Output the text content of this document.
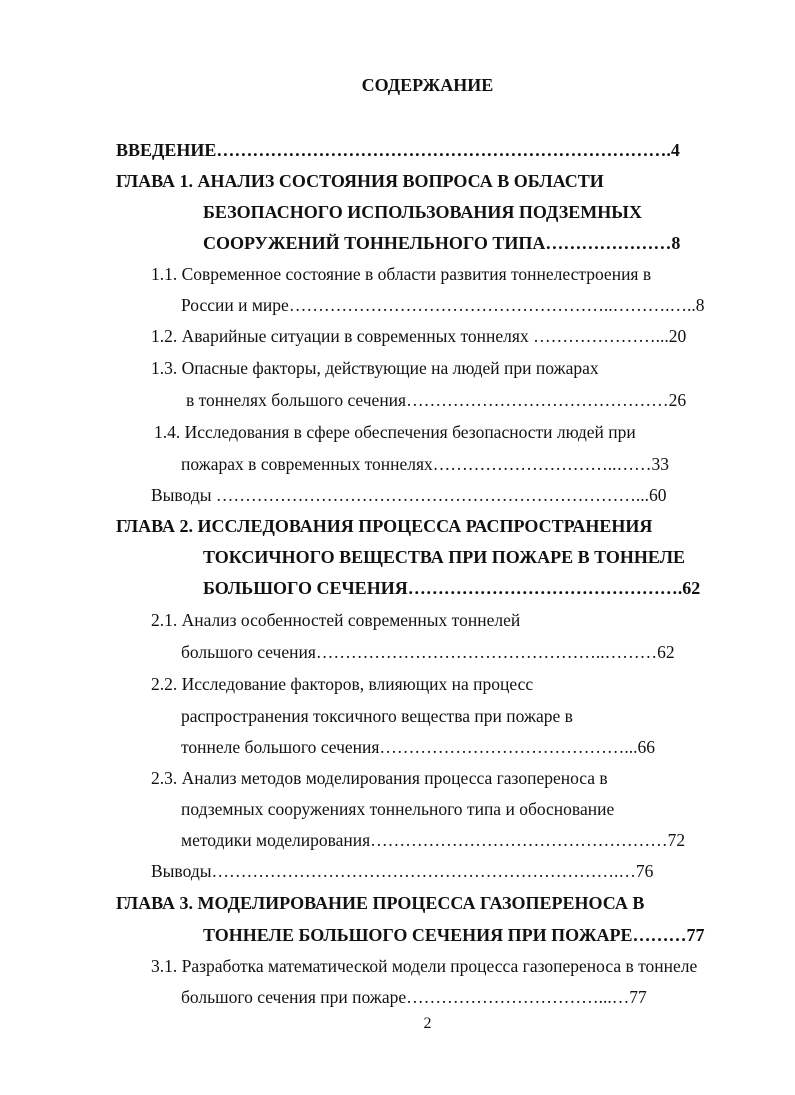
СОДЕРЖАНИЕ
ВВЕДЕНИЕ………………………………………………………………….4
ГЛАВА 1. АНАЛИЗ СОСТОЯНИЯ ВОПРОСА В ОБЛАСТИ
БЕЗОПАСНОГО ИСПОЛЬЗОВАНИЯ ПОДЗЕМНЫХ
СООРУЖЕНИЙ ТОННЕЛЬНОГО ТИПА…………………8
1.1. Современное состояние в области развития тоннелестроения в
России и мире………………………………………………..……….…..8
1.2. Аварийные ситуации в современных тоннелях …………………...20
1.3. Опасные факторы, действующие на людей при пожарах
в тоннелях большого сечения………………………………………26
1.4. Исследования в сфере обеспечения безопасности людей при
пожарах в современных тоннелях…………………………..……33
Выводы ………………………………………………………………...60
ГЛАВА 2. ИССЛЕДОВАНИЯ ПРОЦЕССА РАСПРОСТРАНЕНИЯ
ТОКСИЧНОГО ВЕЩЕСТВА ПРИ ПОЖАРЕ В ТОННЕЛЕ
БОЛЬШОГО СЕЧЕНИЯ……………………………………….62
2.1. Анализ особенностей современных тоннелей
большого сечения…………………………………………..………62
2.2. Исследование факторов, влияющих на процесс
распространения токсичного вещества при пожаре в
тоннеле большого сечения……………………………………...66
2.3. Анализ методов моделирования процесса газопереноса в
подземных сооружениях тоннельного типа и обоснование
методики моделирования……………………………………………72
Выводы…………………………………………………………….…76
ГЛАВА 3. МОДЕЛИРОВАНИЕ ПРОЦЕССА ГАЗОПЕРЕНОСА В
ТОННЕЛЕ БОЛЬШОГО СЕЧЕНИЯ ПРИ ПОЖАРЕ………77
3.1. Разработка математической модели процесса газопереноса в тоннеле
большого сечения при пожаре……………………………...…77
2
